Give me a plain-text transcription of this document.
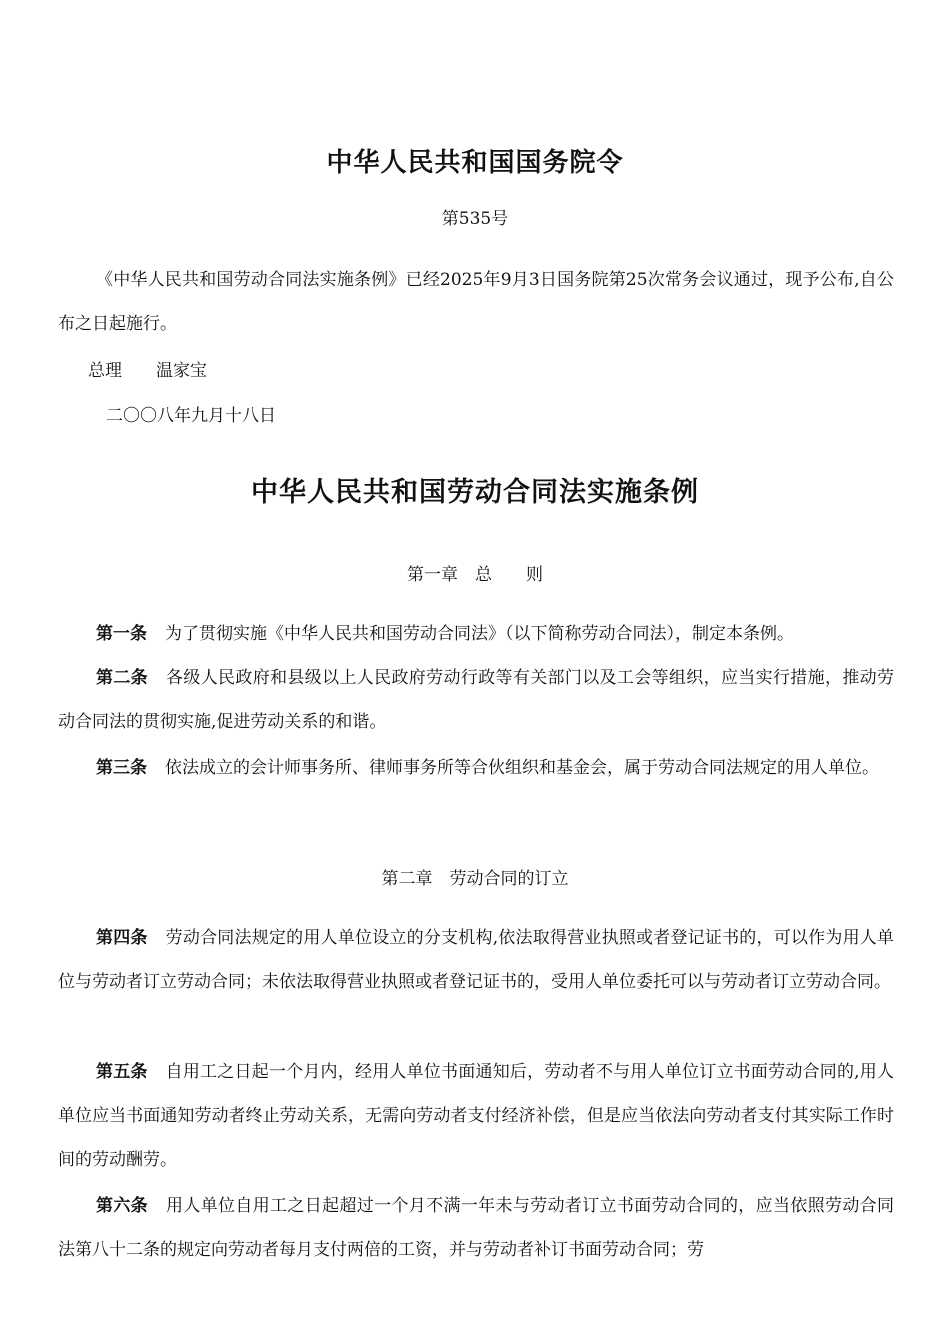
中华人民共和国国务院令
第535号
《中华人民共和国劳动合同法实施条例》已经2025年9月3日国务院第25次常务会议通过，现予公布,自公布之日起施行。
总理　　温家宝
二〇〇八年九月十八日
中华人民共和国劳动合同法实施条例
第一章　总　　则
第一条 为了贯彻实施《中华人民共和国劳动合同法》（以下简称劳动合同法），制定本条例。
第二条 各级人民政府和县级以上人民政府劳动行政等有关部门以及工会等组织，应当实行措施，推动劳动合同法的贯彻实施,促进劳动关系的和谐。
第三条 依法成立的会计师事务所、律师事务所等合伙组织和基金会，属于劳动合同法规定的用人单位。
第二章　劳动合同的订立
第四条 劳动合同法规定的用人单位设立的分支机构,依法取得营业执照或者登记证书的，可以作为用人单位与劳动者订立劳动合同；未依法取得营业执照或者登记证书的，受用人单位委托可以与劳动者订立劳动合同。
第五条 自用工之日起一个月内，经用人单位书面通知后，劳动者不与用人单位订立书面劳动合同的,用人单位应当书面通知劳动者终止劳动关系，无需向劳动者支付经济补偿，但是应当依法向劳动者支付其实际工作时间的劳动酬劳。
第六条 用人单位自用工之日起超过一个月不满一年未与劳动者订立书面劳动合同的，应当依照劳动合同法第八十二条的规定向劳动者每月支付两倍的工资，并与劳动者补订书面劳动合同；劳
